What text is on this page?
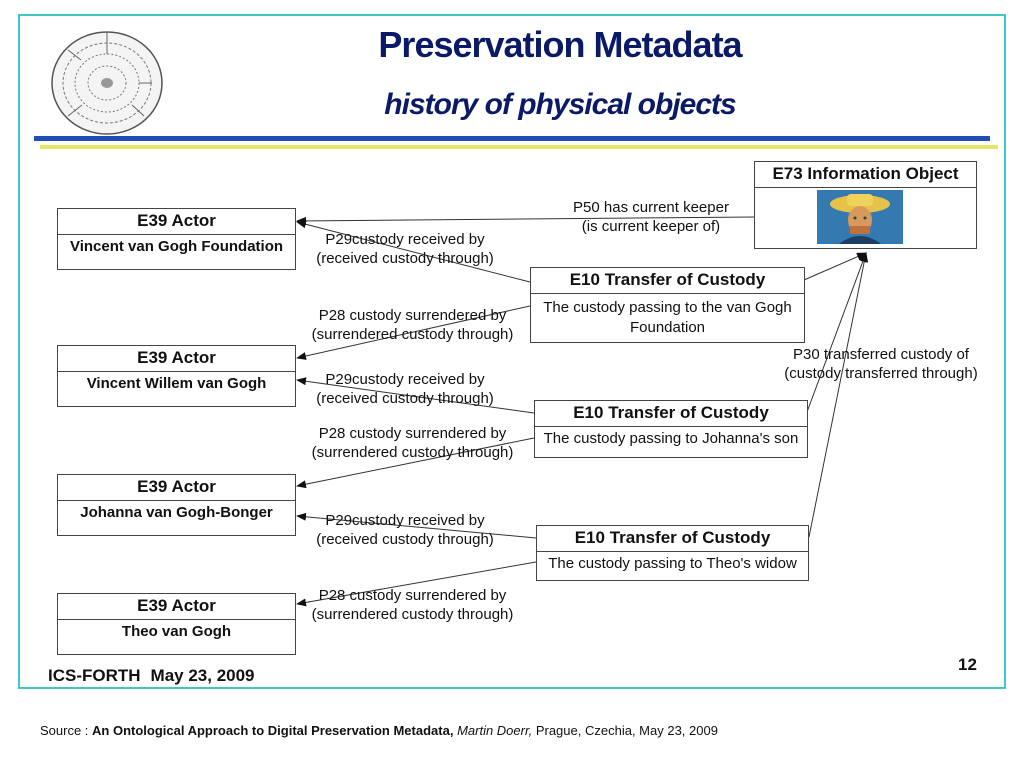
Preservation Metadata
history of physical objects
E73 Information Object
E39 Actor
Vincent van Gogh Foundation
E39 Actor
Vincent Willem van Gogh
E39 Actor
Johanna van Gogh-Bonger
E39 Actor
Theo van Gogh
E10 Transfer of Custody
The custody passing to the van Gogh Foundation
E10 Transfer of Custody
The custody passing to Johanna's son
E10 Transfer of Custody
The custody passing to Theo's widow
P50 has current keeper
(is current keeper of)
P29custody received by
(received custody through)
P28 custody surrendered by
(surrendered custody through)
P29custody received by
(received custody through)
P28 custody surrendered by
(surrendered custody through)
P29custody received by
(received custody through)
P28 custody surrendered by
(surrendered custody through)
P30 transferred custody of
(custody transferred through)
ICS-FORTH May 23, 2009
12
Source : An Ontological Approach to Digital Preservation Metadata, Martin Doerr, Prague, Czechia, May 23, 2009
